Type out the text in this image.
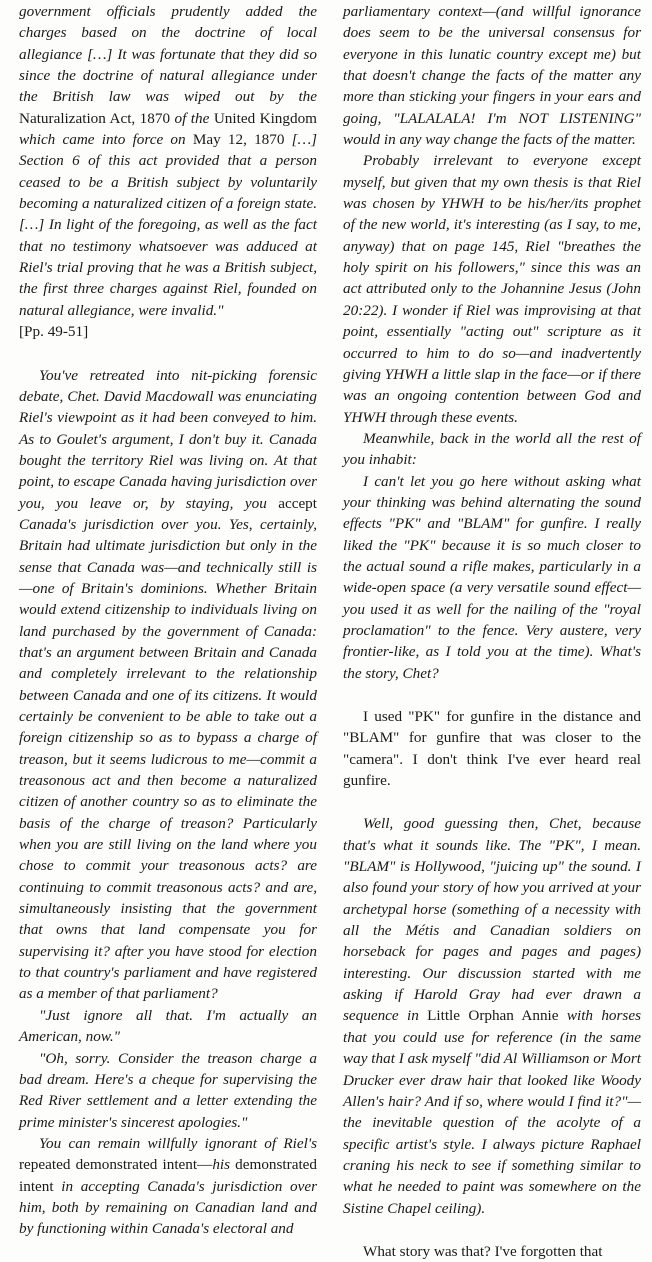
government officials prudently added the charges based on the doctrine of local allegiance […] It was fortunate that they did so since the doctrine of natural allegiance under the British law was wiped out by the Naturalization Act, 1870 of the United Kingdom which came into force on May 12, 1870 […] Section 6 of this act provided that a person ceased to be a British subject by voluntarily becoming a naturalized citizen of a foreign state. […] In light of the foregoing, as well as the fact that no testimony whatsoever was adduced at Riel's trial proving that he was a British subject, the first three charges against Riel, founded on natural allegiance, were invalid."
[Pp. 49-51]

You've retreated into nit-picking forensic debate, Chet. David Macdowall was enunciating Riel's viewpoint as it had been conveyed to him. As to Goulet's argument, I don't buy it. Canada bought the territory Riel was living on. At that point, to escape Canada having jurisdiction over you, you leave or, by staying, you accept Canada's jurisdiction over you. Yes, certainly, Britain had ultimate jurisdiction but only in the sense that Canada was—and technically still is—one of Britain's dominions. Whether Britain would extend citizenship to individuals living on land purchased by the government of Canada: that's an argument between Britain and Canada and completely irrelevant to the relationship between Canada and one of its citizens. It would certainly be convenient to be able to take out a foreign citizenship so as to bypass a charge of treason, but it seems ludicrous to me—commit a treasonous act and then become a naturalized citizen of another country so as to eliminate the basis of the charge of treason? Particularly when you are still living on the land where you chose to commit your treasonous acts? are continuing to commit treasonous acts? and are, simultaneously insisting that the government that owns that land compensate you for supervising it? after you have stood for election to that country's parliament and have registered as a member of that parliament?

"Just ignore all that. I'm actually an American, now."

"Oh, sorry. Consider the treason charge a bad dream. Here's a cheque for supervising the Red River settlement and a letter extending the prime minister's sincerest apologies."

You can remain willfully ignorant of Riel's repeated demonstrated intent—his demonstrated intent in accepting Canada's jurisdiction over him, both by remaining on Canadian land and by functioning within Canada's electoral and

parliamentary context—(and willful ignorance does seem to be the universal consensus for everyone in this lunatic country except me) but that doesn't change the facts of the matter any more than sticking your fingers in your ears and going, "LALALALA! I'm NOT LISTENING" would in any way change the facts of the matter.

Probably irrelevant to everyone except myself, but given that my own thesis is that Riel was chosen by YHWH to be his/her/its prophet of the new world, it's interesting (as I say, to me, anyway) that on page 145, Riel "breathes the holy spirit on his followers," since this was an act attributed only to the Johannine Jesus (John 20:22). I wonder if Riel was improvising at that point, essentially "acting out" scripture as it occurred to him to do so—and inadvertently giving YHWH a little slap in the face—or if there was an ongoing contention between God and YHWH through these events.

Meanwhile, back in the world all the rest of you inhabit:

I can't let you go here without asking what your thinking was behind alternating the sound effects "PK" and "BLAM" for gunfire. I really liked the "PK" because it is so much closer to the actual sound a rifle makes, particularly in a wide-open space (a very versatile sound effect—you used it as well for the nailing of the "royal proclamation" to the fence. Very austere, very frontier-like, as I told you at the time). What's the story, Chet?

I used "PK" for gunfire in the distance and "BLAM" for gunfire that was closer to the "camera". I don't think I've ever heard real gunfire.

Well, good guessing then, Chet, because that's what it sounds like. The "PK", I mean. "BLAM" is Hollywood, "juicing up" the sound. I also found your story of how you arrived at your archetypal horse (something of a necessity with all the Métis and Canadian soldiers on horseback for pages and pages and pages) interesting. Our discussion started with me asking if Harold Gray had ever drawn a sequence in Little Orphan Annie with horses that you could use for reference (in the same way that I ask myself "did Al Williamson or Mort Drucker ever draw hair that looked like Woody Allen's hair? And if so, where would I find it?"—the inevitable question of the acolyte of a specific artist's style. I always picture Raphael craning his neck to see if something similar to what he needed to paint was somewhere on the Sistine Chapel ceiling).

What story was that? I've forgotten that
